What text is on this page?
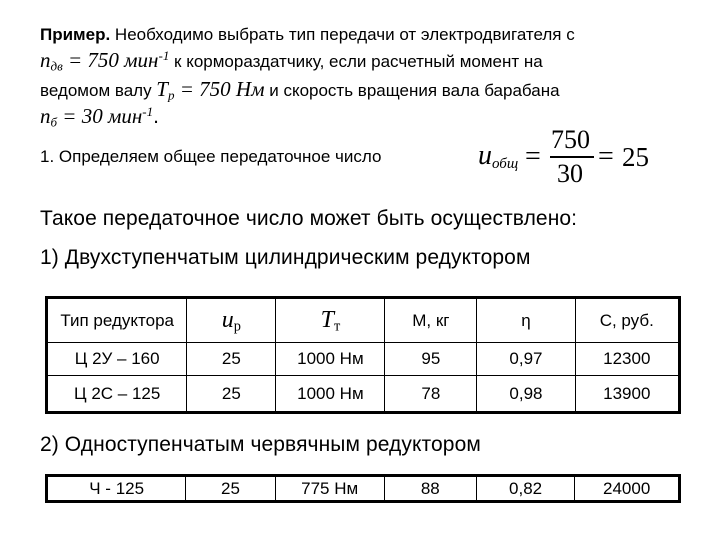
Пример. Необходимо выбрать тип передачи от электродвигателя с
$n_{дв} = 750$ мин$^{-1}$ к кормораздатчику, если расчетный момент на
ведомом валу $T_р = 750$ Нм и скорость вращения вала барабана
$n_б = 30$ мин$^{-1}$.
1. Определяем общее передаточное число	$u_{общ}$ =
750
30
= 25
Такое передаточное число может быть осуществлено:
1) Двухступенчатым цилиндрическим редуктором
Тип редуктора	$u_р$	$T_т$	М, кг	η	С, руб.
Ц 2У – 160	25	1000 Нм	95	0,97	12300
Ц 2С – 125	25	1000 Нм	78	0,98	13900
2) Одноступенчатым червячным редуктором
Ч - 125	25	775 Нм	88	0,82	24000
